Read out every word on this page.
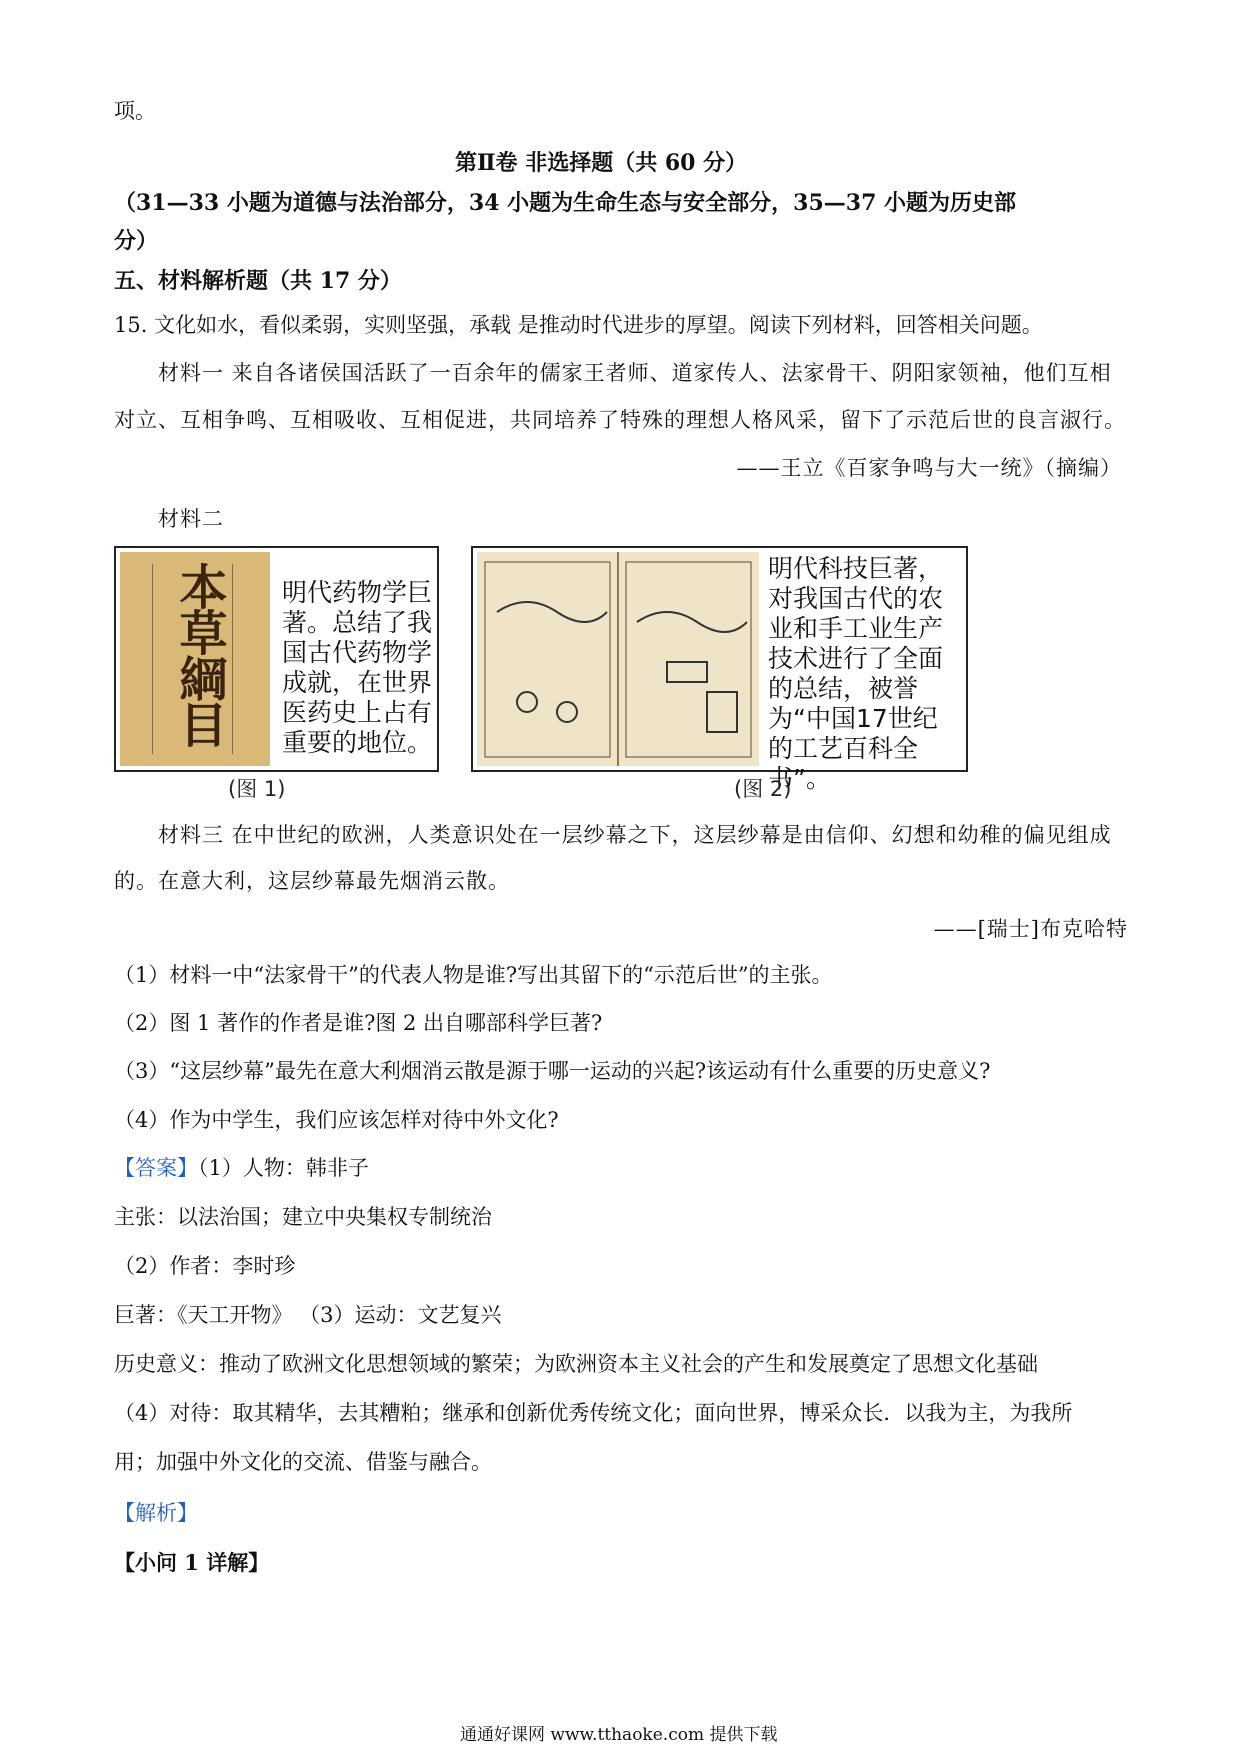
项。
第Ⅱ卷 非选择题（共 60 分）
（31—33 小题为道德与法治部分，34 小题为生命生态与安全部分，35—37 小题为历史部
分）
五、材料解析题（共 17 分）
15. 文化如水，看似柔弱，实则坚强，承载 是推动时代进步的厚望。阅读下列材料，回答相关问题。
材料一 来自各诸侯国活跃了一百余年的儒家王者师、道家传人、法家骨干、阴阳家领袖，他们互相
对立、互相争鸣、互相吸收、互相促进，共同培养了特殊的理想人格风采，留下了示范后世的良言淑行。
——王立《百家争鸣与大一统》（摘编）
材料二
本草綱目 明代药物学巨著。总结了我国古代药物学成就，在世界医药史上占有重要的地位。
(图 1)
明代科技巨著，对我国古代的农业和手工业生产技术进行了全面的总结，被誉为“中国17世纪的工艺百科全书”。
(图 2)
材料三 在中世纪的欧洲，人类意识处在一层纱幕之下，这层纱幕是由信仰、幻想和幼稚的偏见组成
的。在意大利，这层纱幕最先烟消云散。
——[瑞士]布克哈特
（1）材料一中“法家骨干”的代表人物是谁?写出其留下的“示范后世”的主张。
（2）图 1 著作的作者是谁?图 2 出自哪部科学巨著?
（3）“这层纱幕”最先在意大利烟消云散是源于哪一运动的兴起?该运动有什么重要的历史意义?
（4）作为中学生，我们应该怎样对待中外文化?
【答案】（1）人物：韩非子
主张：以法治国；建立中央集权专制统治
（2）作者：李时珍
巨著：《天工开物》 （3）运动：文艺复兴
历史意义：推动了欧洲文化思想领域的繁荣；为欧洲资本主义社会的产生和发展奠定了思想文化基础
（4）对待：取其精华，去其糟粕；继承和创新优秀传统文化；面向世界，博采众长．以我为主，为我所
用；加强中外文化的交流、借鉴与融合。
【解析】
【小问 1 详解】
通通好课网 www.tthaoke.com 提供下载
